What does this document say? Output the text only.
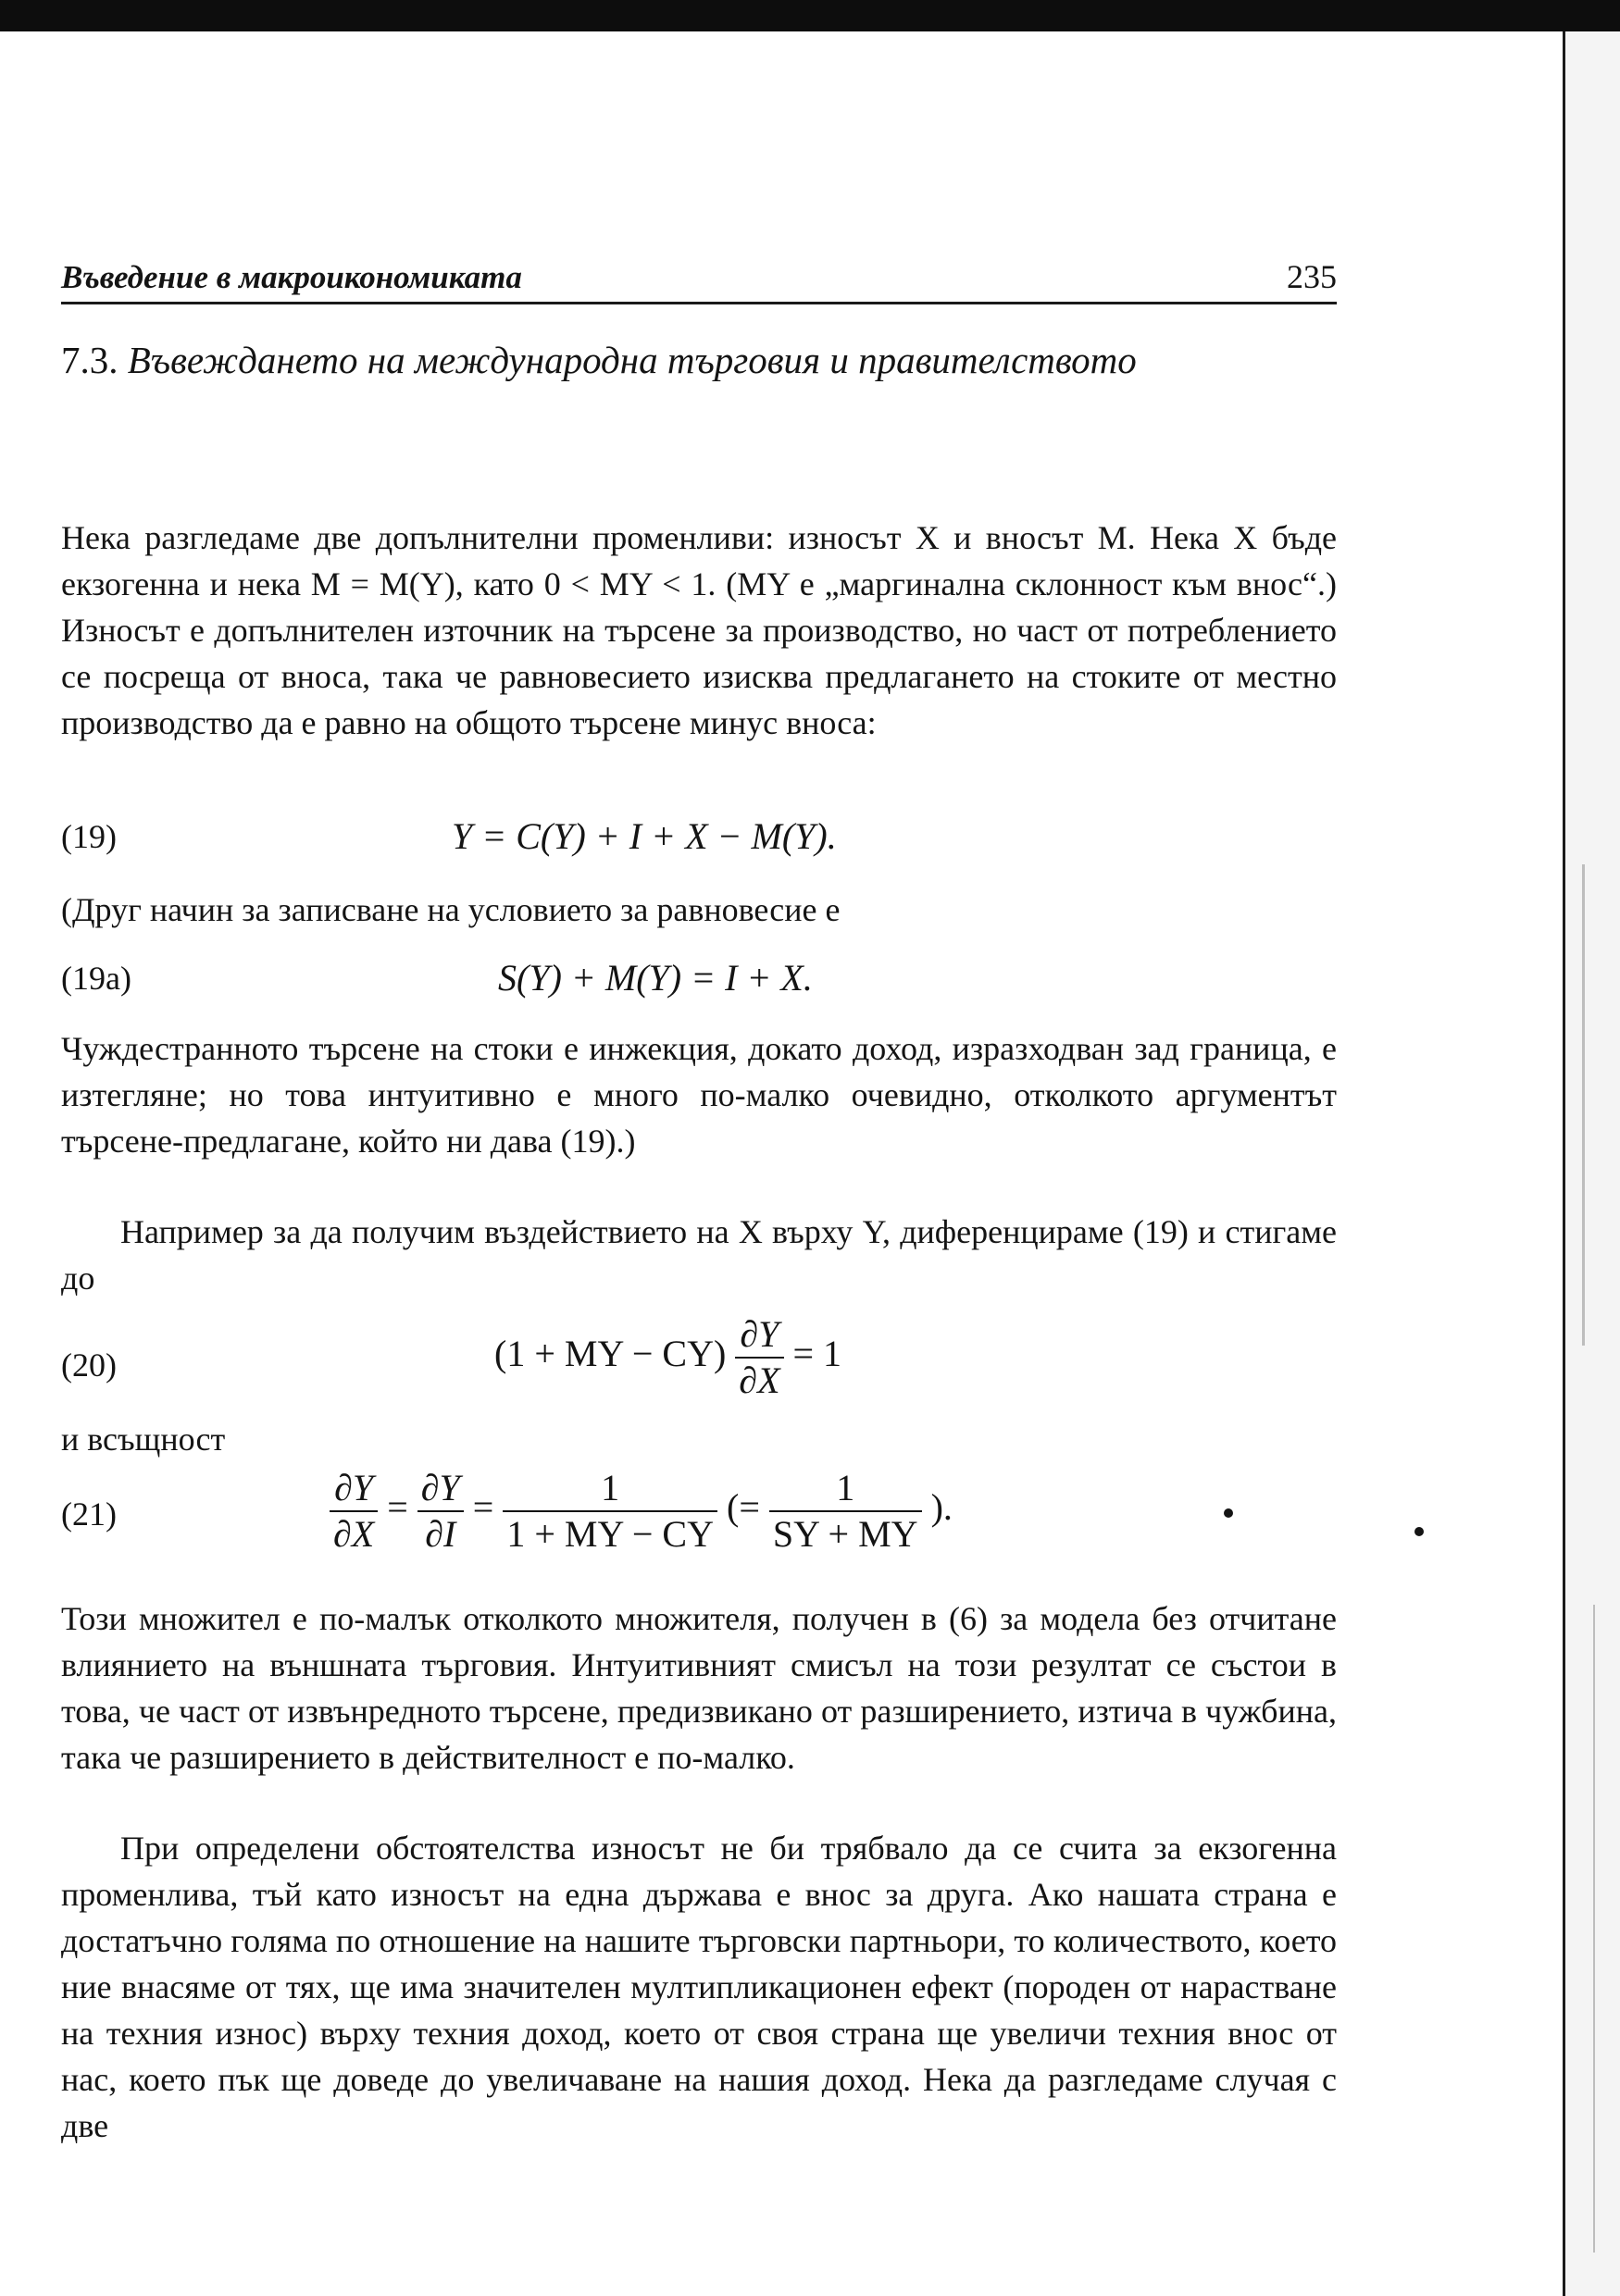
Въведение в макроикономиката	235
7.3. Въвеждането на международна търговия и правителството

Нека разгледаме две допълнителни променливи: износът X и вносът M. Нека X бъде екзогенна и нека M = M(Y), като 0 < MY < 1. (MY е „маргинална склонност към внос“.) Износът е допълнителен източник на търсене за производство, но част от потреблението се посреща от вноса, така че равновесието изисква предлагането на стоките от местно производство да е равно на общото търсене минус вноса:

(19)	Y = C(Y) + I + X − M(Y).
(Друг начин за записване на условието за равновесие е
(19a)	S(Y) + M(Y) = I + X.

Чуждестранното търсене на стоки е инжекция, докато доход, изразходван зад граница, е изтегляне; но това интуитивно е много по-малко очевидно, отколкото аргументът търсене-предлагане, който ни дава (19).)

Например за да получим въздействието на X върху Y, диференцираме (19) и стигаме до

(20)	(1 + MY − $CY) \frac{\partial Y}{\partial X} = 1$
и всъщност
(21)	$\frac{\partial Y}{\partial X} = \frac{\partial Y}{\partial I} = \frac{1}{1 + MY - CY}$ (= $\frac{1}{SY + MY}$ ).

Този множител е по-малък отколкото множителя, получен в (6) за модела без отчитане влиянието на външната търговия. Интуитивният смисъл на този резултат се състои в това, че част от извънредното търсене, предизвикано от разширението, изтича в чужбина, така че разширението в действителност е по-малко.

При определени обстоятелства износът не би трябвало да се счита за екзогенна променлива, тъй като износът на една държава е внос за друга. Ако нашата страна е достатъчно голяма по отношение на нашите търговски партньори, то количеството, което ние внасяме от тях, ще има значителен мултипликационен ефект (породен от нарастване на техния износ) върху техния доход, което от своя страна ще увеличи техния внос от нас, което пък ще доведе до увеличаване на нашия доход. Нека да разгледаме случая с две
